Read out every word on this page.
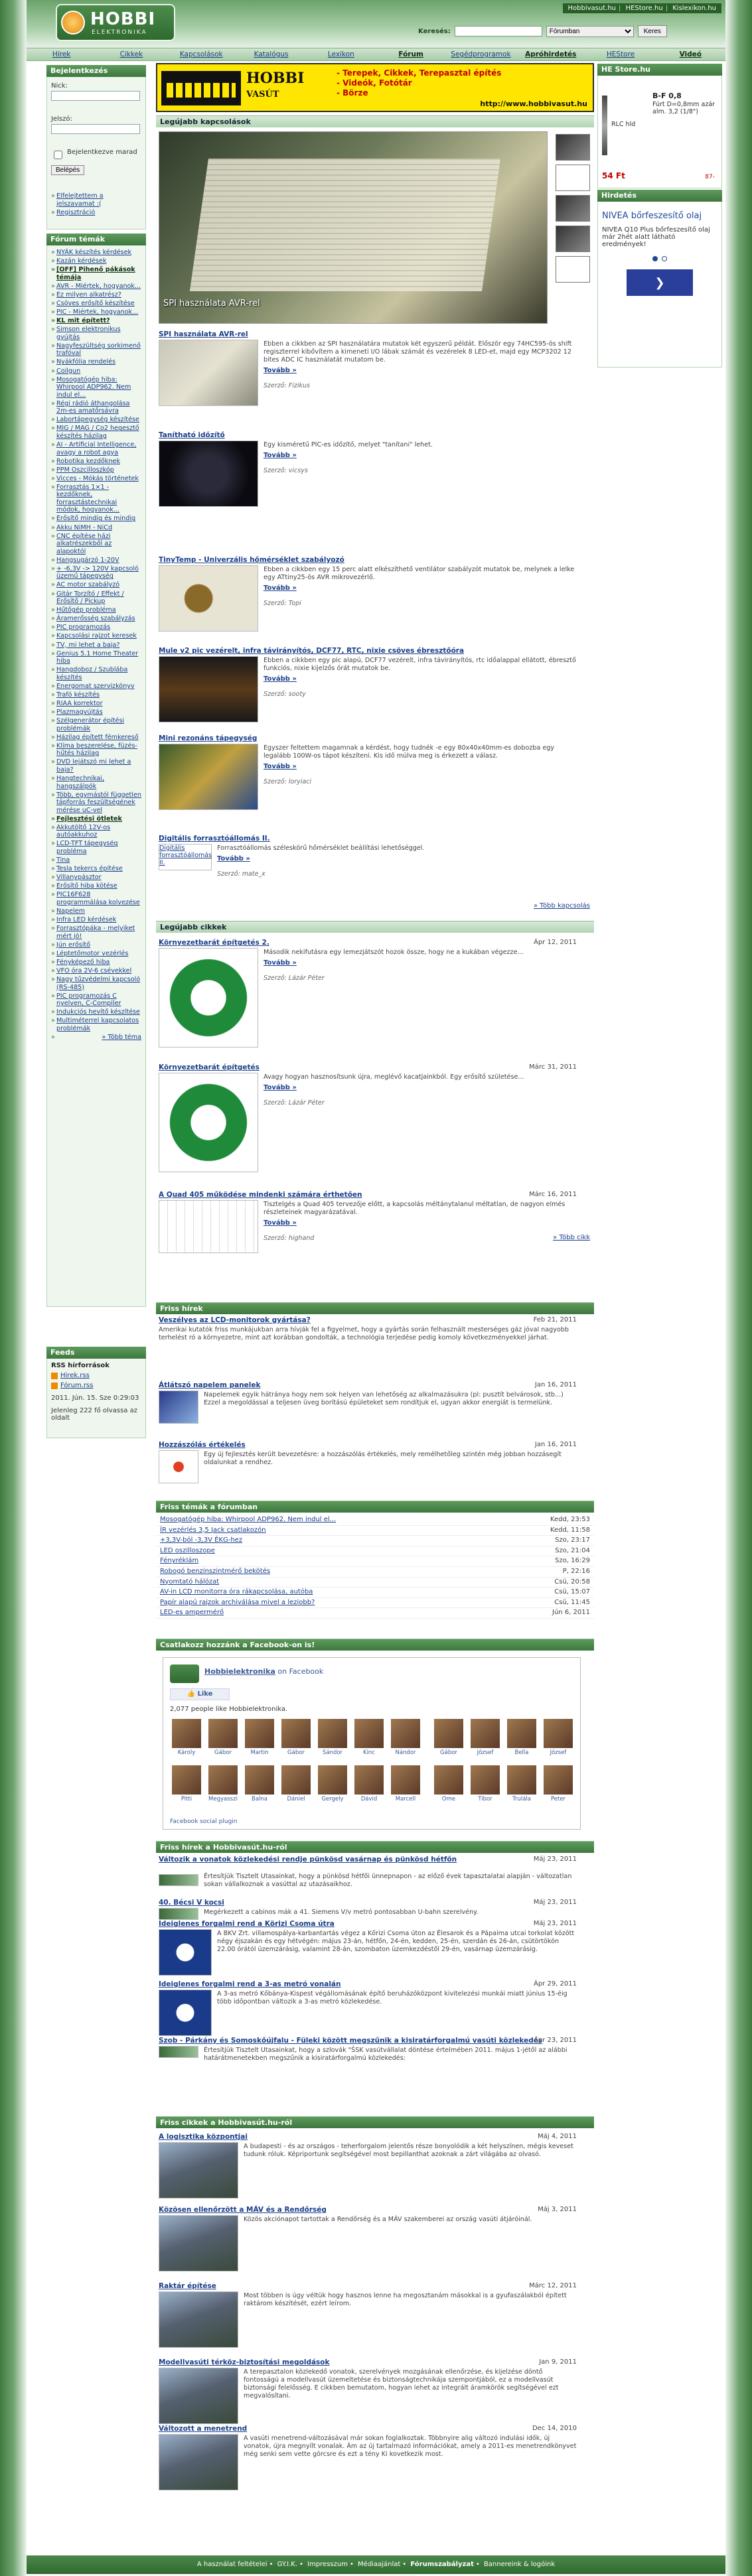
HOBBI
ELEKTRONIKA
Hobbivasut.hu | HEStore.hu | Kislexikon.hu
Keresés:
Fórumban	Keres
Hírek	Cikkek	Kapcsolások	Katalógus	Lexikon	Fórum	Segédprogramok	Apróhirdetés	HEStore	Videó
Bejelentkezés
Nick:
Jelszó:
Bejelentkezve marad
Belépés
» Elfelejtettem a jelszavamat :(
» Regisztráció
Fórum témák
» NYÁK készítés kérdések
» Kazán kérdések
» [OFF] Pihenő pákások témája
» AVR - Miértek, hogyanok...
» Ez milyen alkatrész?
» Csöves erősítő készítése
» PIC - Miértek, hogyanok...
» KL mit épített?
» Simson elektronikus gyújtás
» Nagyfeszültség sorkimenő trafóval
» Nyákfólia rendelés
» Coilgun
» Mosogatógép hiba: Whirpool ADP962. Nem indul el...
» Régi rádió áthangolása 2m-es amatőrsávra
» Labortápegység készítése
» MIG / MAG / Co2 hegesztő készítés házilag
» AI - Artificial Intelligence, avagy a robot agya
» Robotika kezdőknek
» PPM Oszcilloszkóp
» Vicces - Mókás történetek
» Forrasztás 1×1 - kezdőknek, forrasztástechnikai módok, hogyanok...
» Erősítő mindig és mindig
» Akku NiMH - NiCd
» CNC építése házi alkatrészekből az alapoktól
» Hangsugárzó 1-20V
» + -6,3V -> 120V kapcsoló üzemű tápegység
» AC motor szabályzó
» Gitár Torzító / Effekt / Erősítő / Pickup
» Hűtőgép probléma
» Áramerősség szabályzás
» PIC programozás
» Kapcsolási rajzot keresek
» TV, mi lehet a baja?
» Genius 5.1 Home Theater hiba
» Hangdoboz / Szublába készítés
» Energomat szervizkönyv
» Trafó készítés
» RIAA korrektor
» Plazmagyújtás
» Szélgenerátor építési problémák
» Házilag épített fémkereső
» Klíma beszerelése, füzés-hűtés házilag
» DVD lejátszó mi lehet a baja?
» Hangtechnikai, hangszálpók
» Több, egymástól független tápforrás feszültségének mérése uC-vel
» Fejlesztési ötletek
» Akkutöltő 12V-os autóakkuhoz
» LCD-TFT tápegység probléma
» Tina
» Tesla tekercs építése
» Villanypásztor
» Erősítő hiba kötése
» PIC16F628 programmálása kolvezése
» Napelem
» Infra LED kérdések
» Forrasztópáka - melyiket mért jó!
» Jún erősítő
» Léptetőmotor vezérlés
» Fényképező hiba
» VFO óra 2V-6 csévekkel
» Nagy tűzvédelmi kapcsoló (RS-485)
» PIC programozás C nyelven, C-Compiler
» Indukciós hevítő készítése
» Multiméterrel kapcsolatos problémák
» » Több téma
Feeds
RSS hírforrások
Hirek.rss
Fórum.rss
2011. Jún. 15. Sze 0:29:03
Jelenleg 222 fő olvassa az oldalt
HOBBI
VASÚT
- Terepek, Cikkek, Terepasztal építés
- Videók, Fotótár
- Börze
http://www.hobbivasut.hu
Legújabb kapcsolások
SPI használata AVR-rel
SPI használata AVR-rel
Ebben a cikkben az SPI használatára mutatok két egyszerű példát. Először egy 74HC595-ös shift regiszterrel kibővítem a kimeneti I/O lábak számát és vezérelek 8 LED-et, majd egy MCP3202 12 bites ADC IC használatát mutatom be.
Tovább »
Szerző: Fizikus
Tanítható időzítő
Egy kisméretű PIC-es időzítő, melyet "tanítani" lehet.
Tovább »
Szerző: vicsys
TinyTemp - Univerzális hőmérséklet szabályozó
Ebben a cikkben egy 15 perc alatt elkészíthető ventilátor szabályzót mutatok be, melynek a lelke egy ATtiny25-ös AVR mikrovezérlő.
Tovább »
Szerző: Topi
Mule v2 pic vezérelt, infra távirányítós, DCF77, RTC, nixie csöves ébresztőóra
Ebben a cikkben egy pic alapú, DCF77 vezérelt, infra távirányítós, rtc időalappal ellátott, ébresztő funkciós, nixie kijelzős órát mutatok be.
Tovább »
Szerző: sooty
Mini rezonáns tápegység
Egyszer feltettem magamnak a kérdést, hogy tudnék -e egy 80x40x40mm-es dobozba egy legalább 100W-os tápot készíteni. Kis idő múlva meg is érkezett a válasz.
Tovább »
Szerző: loryiaci
Digitális forrasztóállomás II.
Digitális forrasztóállomás II.
Forrasztóállomás széleskörű hőmérséklet beállítási lehetőséggel.
Tovább »
Szerző: mate_x
» Több kapcsolás
Legújabb cikkek
Környezetbarát építgetés 2.	Ápr 12, 2011
Második nekifutásra egy lemezjátszót hozok össze, hogy ne a kukában végezze...
Tovább »
Szerző: Lázár Péter
Környezetbarát építgetés	Márc 31, 2011
Avagy hogyan hasznosítsunk újra, meglévő kacatjainkból. Egy erősítő születése...
Tovább »
Szerző: Lázár Péter
A Quad 405 működése mindenki számára érthetően	Márc 16, 2011
Tisztelgés a Quad 405 tervezője előtt, a kapcsolás méltánytalanul méltatlan, de nagyon elmés részleteinek magyarázatával.
Tovább »
Szerző: highand	» Több cikk
Friss hírek
Veszélyes az LCD-monitorok gyártása?	Feb 21, 2011
Amerikai kutatók friss munkájukban arra hívják fel a figyelmet, hogy a gyártás során felhasznált mesterséges gáz jóval nagyobb terhelést ró a környezetre, mint azt korábban gondolták, a technológia terjedése pedig komoly következményekkel járhat.
Átlátszó napelem panelek	Jan 16, 2011
Napelemek egyik hátránya hogy nem sok helyen van lehetőség az alkalmazásukra (pl: pusztít belvárosok, stb...) Ezzel a megoldással a teljesen üveg borítású épületeket sem rondítjuk el, ugyan akkor energiát is termelünk.
Hozzászólás értékelés	Jan 16, 2011
Egy új fejlesztés került bevezetésre: a hozzászólás értékelés, mely remélhetőleg szintén még jobban hozzásegít oldalunkat a rendhez.
Friss témák a fórumban
Mosogatógép hiba: Whirpool ADP962. Nem indul el...	Kedd, 23:53
ÍR vezérlés 3,5 Jack csatlakozón	Kedd, 11:58
+3,3V-ból -3,3V ÉKG-hez	Szo, 23:17
LED oszilloszope	Szo, 21:04
Fényréklám	Szo, 16:29
Robogó benzinszintmérő bekötés	P, 22:16
Nyomtató hálózat	Csü, 20:58
AV-in LCD monitorra óra rákapcsolása, autóba	Csü, 15:07
Papír alapú rajzok archiválása mivel a leziobb?	Csü, 11:45
LED-es ampermérő	Jún 6, 2011
Csatlakozz hozzánk a Facebook-on is!
Hobbielektronika on Facebook
👍 Like
2,077 people like Hobbielektronika.
Károly	Gábor	Martin	Gábor	Sándor	Kinc	Nándor
Pitti	Megyasszi	Balna	Dániel	Gergely	Dávid	Marcell
Gábor	József	Bella	József
Ome	Tibor	Trulála	Peter
Facebook social plugin
Friss hírek a Hobbivasút.hu-ról
Változik a vonatok közlekedési rendje pünkösd vasárnap és pünkösd hétfőn	Máj 23, 2011
Értesítjük Tisztelt Utasainkat, hogy a pünkösd hétfői ünnepnapon - az előző évek tapasztalatai alapján - változatlan sokan vállalkoznak a vasúttal az utazásaikhoz.
40. Bécsi V kocsi	Máj 23, 2011
Megérkezett a cabinos mák a 41. Siemens V/v metró pontosabban U-bahn szerelvény.
Ideiglenes forgalmi rend a Körizi Csoma útra	Máj 23, 2011
A BKV Zrt. villamospálya-karbantartás végez a Kőrizi Csoma úton az Élesarok és a Pápaima utcai torkolat között négy éjszakán és egy hétvégén: május 23-án, hétfőn, 24-én, kedden, 25-én, szerdán és 26-án, csütörtökön 22.00 órától üzemzárásig, valamint 28-án, szombaton üzemkezdéstől 29-én, vasárnap üzemzárásig.
Ideiglenes forgalmi rend a 3-as metró vonalán	Ápr 29, 2011
A 3-as metró Kőbánya-Kispest végállomásának építő beruházóközpont kivitelezési munkái miatt június 15-éig több időpontban változik a 3-as metró közlekedése.
Szob - Párkány és Somoskőújfalu - Füleki között megszűnik a kisiratárforgalmú vasúti közlekedés
Ápr 23, 2011
Értesítjük Tisztelt Utasainkat, hogy a szlovák "ŠSK vasútvállalat döntése értelmében 2011. május 1-jétől az alábbi határátmenetekben megszűnik a kisiratárforgalmú közlekedés:
Friss cikkek a Hobbivasút.hu-ról
A logisztika központjai	Máj 4, 2011
A budapesti - és az országos - teherforgalom jelentős része bonyolódik a két helyszínen, mégis keveset tudunk róluk. Képriportunk segítségével most bepillanthat azoknak a zárt világába az olvasó.
Közösen ellenőrzött a MÁV és a Rendőrség	Máj 3, 2011
Közös akciónapot tartottak a Rendőrség és a MÁV szakemberei az ország vasúti átjáróinál.
Raktár építése	Márc 12, 2011
Most többen is úgy véltük hogy hasznos lenne ha megosztanám másokkal is a gyufaszálakból épített raktárom készítését, ezért leírom.
Modellvasúti térköz-biztosítási megoldások	Jan 9, 2011
A terepasztalon közlekedő vonatok, szerelvények mozgásának ellenőrzése, és kijelzése döntő fontosságú a modellvasút üzemeltetése és biztonságtechnikája szempontjából, ez a modellvasút biztonsági felelősség. E cikkben bemutatom, hogyan lehet az integrált áramkörök segítségével ezt megvalósítani.
Változott a menetrend	Dec 14, 2010
A vasúti menetrend-változásával már sokan foglalkoztak. Többnyire alig változó indulási idők, új vonatok, újra megnyílt vonalak. Ám az új tartalmazó információkat, amely a 2011-es menetrendkönyvet még senki sem vette görcsre és ezt a tény Ki kovetkezik most.
HE Store.hu
B-F 0,8
Fúrt D=0,8mm azár alm. 3,2 (1/8")
RLC hld
54 Ft	87-
Hirdetés
NIVEA bőrfeszesítő olaj
NIVEA Q10 Plus bőrfeszesítő olaj már 2hét alatt látható eredmények!
❯
A használat feltételei • GY.I.K. • Impresszum • Médiaajánlat • Fórumszabályzat • Bannereink & logóink
